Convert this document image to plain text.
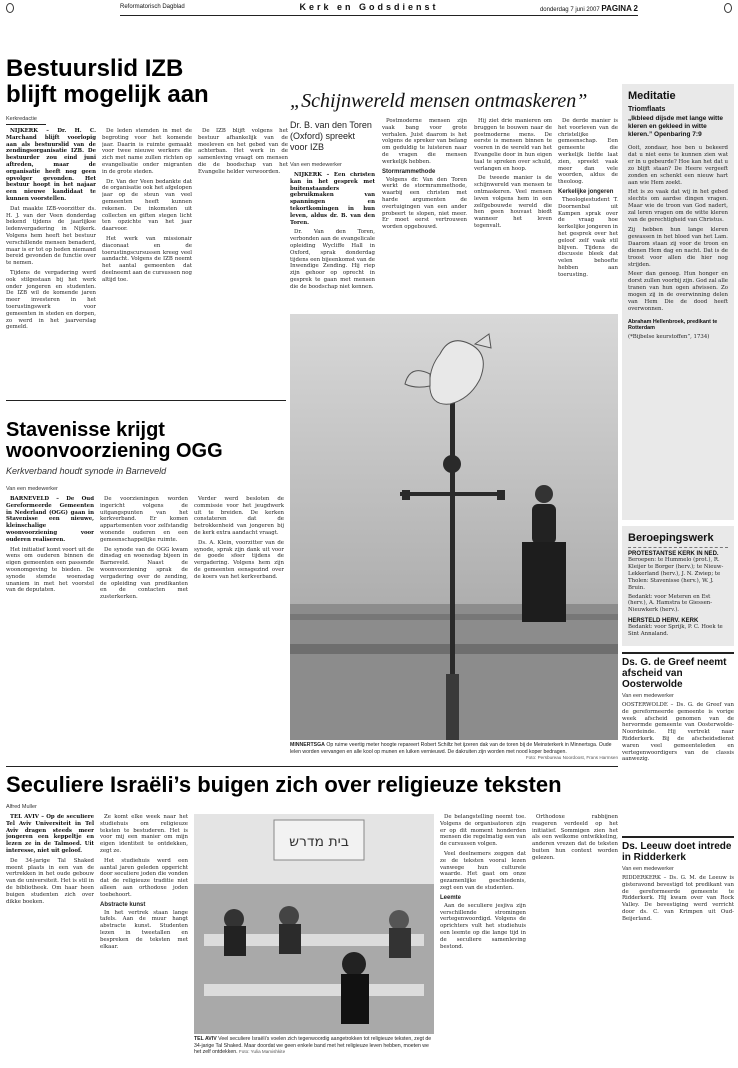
Reformatorisch Dagblad	Kerk en Godsdienst	donderdag 7 juni 2007 PAGINA 2
Bestuurslid IZB
blijft mogelijk aan
Kerkredactie

NIJKERK – Dr. H. C. Marchand blijft voorlopig aan als bestuurslid van de zendingsorganisatie IZB. De bestuurder zou eind juni aftreden, maar de organisatie heeft nog geen opvolger gevonden. Het bestuur hoopt in het najaar een nieuwe kandidaat te kunnen voorstellen.

Dat maakte IZB-voorzitter ds. H. J. van der Veen donderdag bekend tijdens de jaarlijkse ledenvergadering in Nijkerk. Volgens hem heeft het bestuur verschillende mensen benaderd, maar is er tot op heden niemand bereid gevonden de functie over te nemen.

Tijdens de vergadering werd ook stilgestaan bij het werk onder jongeren en studenten. De IZB wil de komende jaren meer investeren in het toerustingswerk voor gemeenten in steden en dorpen, zo werd in het jaarverslag gemeld.

De leden stemden in met de begroting voor het komende jaar. Daarin is ruimte gemaakt voor twee nieuwe werkers die zich met name zullen richten op evangelisatie onder migranten in de grote steden.

Dr. Van der Veen bedankte dat de organisatie ook het afgelopen jaar op de steun van veel gemeenten heeft kunnen rekenen. De inkomsten uit collecten en giften stegen licht ten opzichte van het jaar daarvoor.

Het werk van missionair diaconaat en de toerustingscursussen kreeg veel aandacht. Volgens de IZB neemt het aantal gemeenten dat deelneemt aan de cursussen nog altijd toe.

De IZB blijft volgens het bestuur afhankelijk van de meeleven en het gebed van de achterban. Het werk in de samenleving vraagt om mensen die de boodschap van het Evangelie helder verwoorden.

„Schijnwereld mensen ontmaskeren”
Dr. B. van den Toren (Oxford) spreekt voor IZB
Van een medewerker

NIJKERK – Een christen kan in het gesprek met buitenstaanders gebruikmaken van spanningen en tekortkomingen in hun leven, aldus dr. B. van den Toren.

Dr. Van den Toren, verbonden aan de evangelicale opleiding Wycliffe Hall in Oxford, sprak donderdag tijdens een bijeenkomst van de Inwendige Zending. Hij riep zijn gehoor op oprecht in gesprek te gaan met mensen die de boodschap niet kennen.

Postmoderne mensen zijn vaak bang voor grote verhalen. Juist daarom is het volgens de spreker van belang om geduldig te luisteren naar de vragen die mensen werkelijk hebben.

Stormrammethode

Volgens dr. Van den Toren werkt de stormrammethode, waarbij een christen met harde argumenten de overtuigingen van een ander probeert te slopen, niet meer. Er moet eerst vertrouwen worden opgebouwd.

Hij ziet drie manieren om bruggen te bouwen naar de postmoderne mens. De eerste is mensen binnen te voeren in de wereld van het Evangelie door in hun eigen taal te spreken over schuld, verlangen en hoop.

De tweede manier is de schijnwereld van mensen te ontmaskeren. Veel mensen leven volgens hem in een zelfgebouwde wereld die hen geen houvast biedt wanneer het leven tegenvalt.

De derde manier is het voorleven van de christelijke gemeenschap. Een gemeente die werkelijk liefde laat zien, spreekt vaak meer dan vele woorden, aldus de theoloog.

Kerkelijke jongeren

Theologiestudent T. Doornenbal uit Kampen sprak over de vraag hoe kerkelijke jongeren in het gesprek over het geloof zelf vaak stil blijven. Tijdens de discussie bleek dat velen behoefte hebben aan toerusting.

MINNERTSGA Op ruime veertig meter hoogte repareert Robert Schiltz het ijzeren dak van de toren bij de Meinsterkerk in Minnertsga. Oude lelen worden vervangen en alle kool op munen en luiken vernieuwd. De dakruiten zijn worden met nood koper bedragen.
Foto: Persbureau Noordoost, Frans Harmsen
Stavenisse krijgt
woonvoorziening OGG
Kerkverband houdt synode in Barneveld
Van een medewerker

BARNEVELD – De Oud Gereformeerde Gemeenten in Nederland (OGG) gaan in Stavenisse een nieuwe, kleinschalige woonvoorziening voor ouderen realiseren.

Het initiatief komt voort uit de wens om ouderen binnen de eigen gemeenten een passende woonomgeving te bieden. De synode stemde woensdag unaniem in met het voorstel van de deputaten.

De voorzieningen worden ingericht volgens de uitgangspunten van het kerkverband. Er komen appartementen voor zelfstandig wonende ouderen en een gemeenschappelijke ruimte.

De synode van de OGG kwam dinsdag en woensdag bijeen in Barneveld. Naast de woonvoorziening sprak de vergadering over de zending, de opleiding van predikanten en de contacten met zusterkerken.

Verder werd besloten de commissie voor het jeugdwerk uit te breiden. De kerken constateren dat de betrokkenheid van jongeren bij de kerk extra aandacht vraagt.

Ds. A. Klein, voorzitter van de synode, sprak zijn dank uit voor de goede sfeer tijdens de vergadering. Volgens hem zijn de gemeenten eensgezind over de koers van het kerkverband.

Seculiere Israëli’s buigen zich over religieuze teksten
Alfred Muller

TEL AVIV – Op de seculiere Tel Aviv Universiteit in Tel Aviv dragen steeds meer jongeren een keppeltje en lezen ze in de Talmoed. Uit interesse, niet uit geloof.

De 34-jarige Tal Shaked meent plaats in een van de vertrekken in het oude gebouw van de universiteit. Het is stil in de bibliotheek. Om haar heen buigen studenten zich over dikke boeken.

Ze komt elke week naar het studiehuis om religieuze teksten te bestuderen. Het is voor mij een manier om mijn eigen identiteit te ontdekken, zegt ze.

Het studiehuis werd een aantal jaren geleden opgericht door seculiere joden die vonden dat de religieuze traditie niet alleen aan orthodoxe joden toebehoort.

Abstracte kunst

In het vertrek staan lange tafels. Aan de muur hangt abstracte kunst. Studenten lezen in tweetallen en bespreken de teksten met elkaar.

בית מדרש
TEL AVIV Veel seculiere Israëli’s voelen zich tegenwoordig aangetrokken tot religieuze teksten, zegt de 34-jarige Tal Shaked. Maar doordat we geen enkele band met het religieuze leven hebben, moeten we het zelf ontdekken. Foto: Yulia Mamishkite

De belangstelling neemt toe. Volgens de organisatoren zijn er op dit moment honderden mensen die regelmatig een van de cursussen volgen.

Veel deelnemers zeggen dat ze de teksten vooral lezen vanwege hun culturele waarde. Het gaat om onze gezamenlijke geschiedenis, zegt een van de studenten.

Leemte

Aan de seculiere jesjiva zijn verschillende stromingen vertegenwoordigd. Volgens de oprichters vult het studiehuis een leemte op die lange tijd in de seculiere samenleving bestond.

Orthodoxe rabbijnen reageren verdeeld op het initiatief. Sommigen zien het als een welkome ontwikkeling, anderen vrezen dat de teksten buiten hun context worden gelezen.

Meditatie
Triomflaats
„Ikbleed dijsde met lange witte kleren en gekleed in witte kleren.” Openbaring 7:9
Ooit, zondaar, hoe ben u bekeerd dat u niet eens te kunnen zien wat er in u gebeurde? Hoe kan het dat u zo blijft staan? De Heere vergeeft zonden en schenkt een nieuw hart aan wie Hem zoekt.
Het is zo vaak dat wij in het gebed slechts om aardse dingen vragen. Maar wie de troon van God nadert, zal leren vragen om de witte kleren van de gerechtigheid van Christus.
Zij hebben hun lange kleren gewassen in het bloed van het Lam. Daarom staan zij voor de troon en dienen Hem dag en nacht. Dat is de troost voor allen die hier nog strijden.
Meer dan genoeg. Hun honger en dorst zullen voorbij zijn. God zal alle tranen van hun ogen afwissen. Zo mogen zij in de overwinning delen van Hem Die de dood heeft overwonnen.
Abraham Hellenbroek, predikant te Rotterdam
(*Bijbelse keurstoffen”, 1734)
Beroepingswerk
PROTESTANTSE KERK IN NED.
Beroepen: te Hummelo (prot.), R. Kleijer te Borger (herv.); te Nieuw-Lekkerland (herv.), J. N. Zwiep; te Tholen: Stavenisse (herv.), W. J. Bruin.
Bedankt: voor Meteren en Est (herv.), A. Hamstra te Giessen-Nieuwkerk (herv.).
HERSTELD HERV. KERK
Bedankt: voor Sprijk, P. C. Hoek te Sint Annaland.
Ds. G. de Greef neemt afscheid van Oosterwolde
Van een medewerker
OOSTERWOLDE – Ds. G. de Greef van de gereformeerde gemeente is vorige week afscheid genomen van de hervormde gemeente van Oosterwolde-Noordeinde. Hij vertrekt naar Ridderkerk. Bij de afscheidsdienst waren veel gemeenteleden en vertegenwoordigers van de classis aanwezig.
Ds. Leeuw doet intrede in Ridderkerk
Van een medewerker
RIDDERKERK – Ds. G. M. de Leeuw is gisteravond bevestigd tot predikant van de gereformeerde gemeente te Ridderkerk. Hij kwam over van Rock Valley. De bevestiging werd verricht door ds. C. van Krimpen uit Oud-Beijerland.
